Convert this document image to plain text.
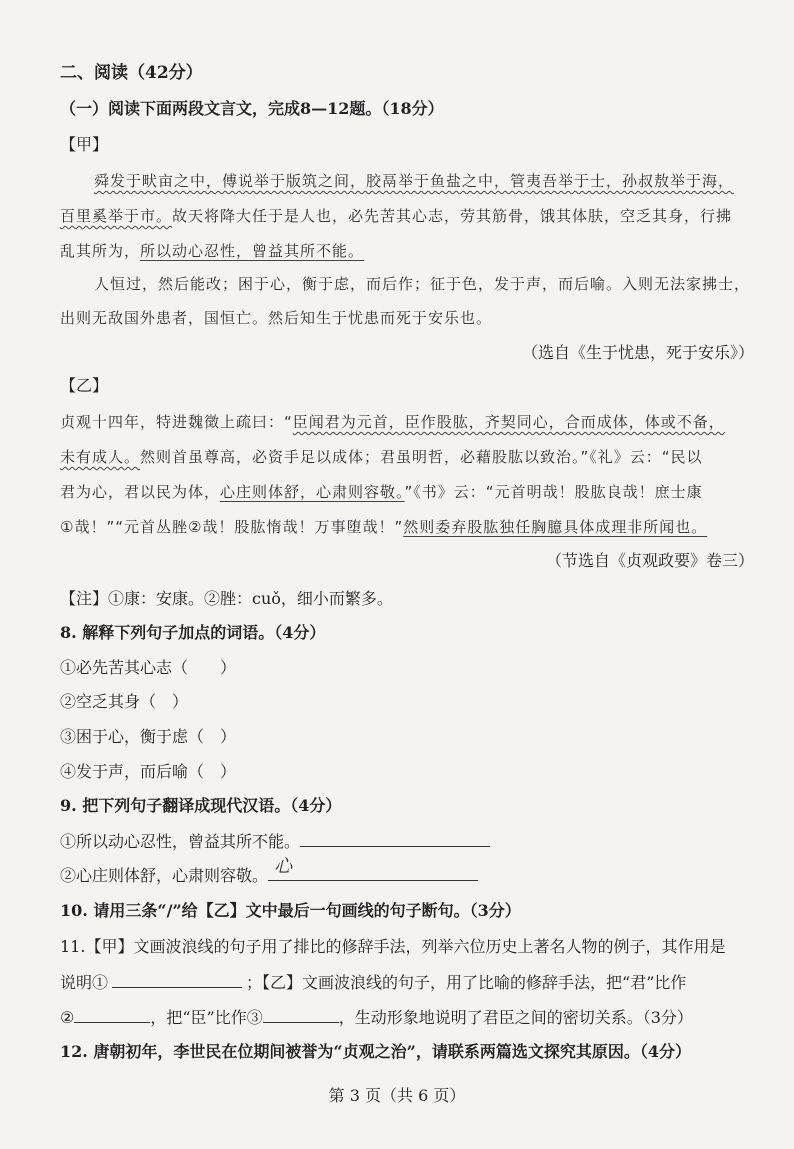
二、阅读（42分）
（一）阅读下面两段文言文，完成8—12题。（18分）
【甲】
舜发于畎亩之中，傅说举于版筑之间，胶鬲举于鱼盐之中，管夷吾举于士，孙叔敖举于海，
百里奚举于市。故天将降大任于是人也，必先苦其心志，劳其筋骨，饿其体肤，空乏其身，行拂
乱其所为，所以动心忍性，曾益其所不能。
人恒过，然后能改；困于心，衡于虑，而后作；征于色，发于声，而后喻。入则无法家拂士，
出则无敌国外患者，国恒亡。然后知生于忧患而死于安乐也。
（选自《生于忧患，死于安乐》）
【乙】
贞观十四年，特进魏徵上疏曰：“臣闻君为元首，臣作股肱，齐契同心，合而成体，体或不备，
未有成人。然则首虽尊高，必资手足以成体；君虽明哲，必藉股肱以致治。”《礼》云：“民以
君为心，君以民为体，心庄则体舒，心肃则容敬。”《书》云：“元首明哉！股肱良哉！庶士康
①哉！”“元首丛脞②哉！股肱惰哉！万事堕哉！”然则委弃股肱独任胸臆具体成理非所闻也。
（节选自《贞观政要》卷三）
【注】①康：安康。②脞：cuǒ，细小而繁多。
8. 解释下列句子加点的词语。（4分）
①必先苦其心志（　　）
②空乏其身（　）
③困于心，衡于虑（　）
④发于声，而后喻（　）
9. 把下列句子翻译成现代汉语。（4分）
①所以动心忍性，曾益其所不能。
②心庄则体舒，心肃则容敬。 心
10. 请用三条“/”给【乙】文中最后一句画线的句子断句。（3分）
11.【甲】文画波浪线的句子用了排比的修辞手法，列举六位历史上著名人物的例子，其作用是
说明①	；【乙】文画波浪线的句子，用了比喻的修辞手法，把“君”比作
②	，把“臣”比作③	，生动形象地说明了君臣之间的密切关系。（3分）
12. 唐朝初年，李世民在位期间被誉为“贞观之治”，请联系两篇选文探究其原因。（4分）
第 3 页（共 6 页）
